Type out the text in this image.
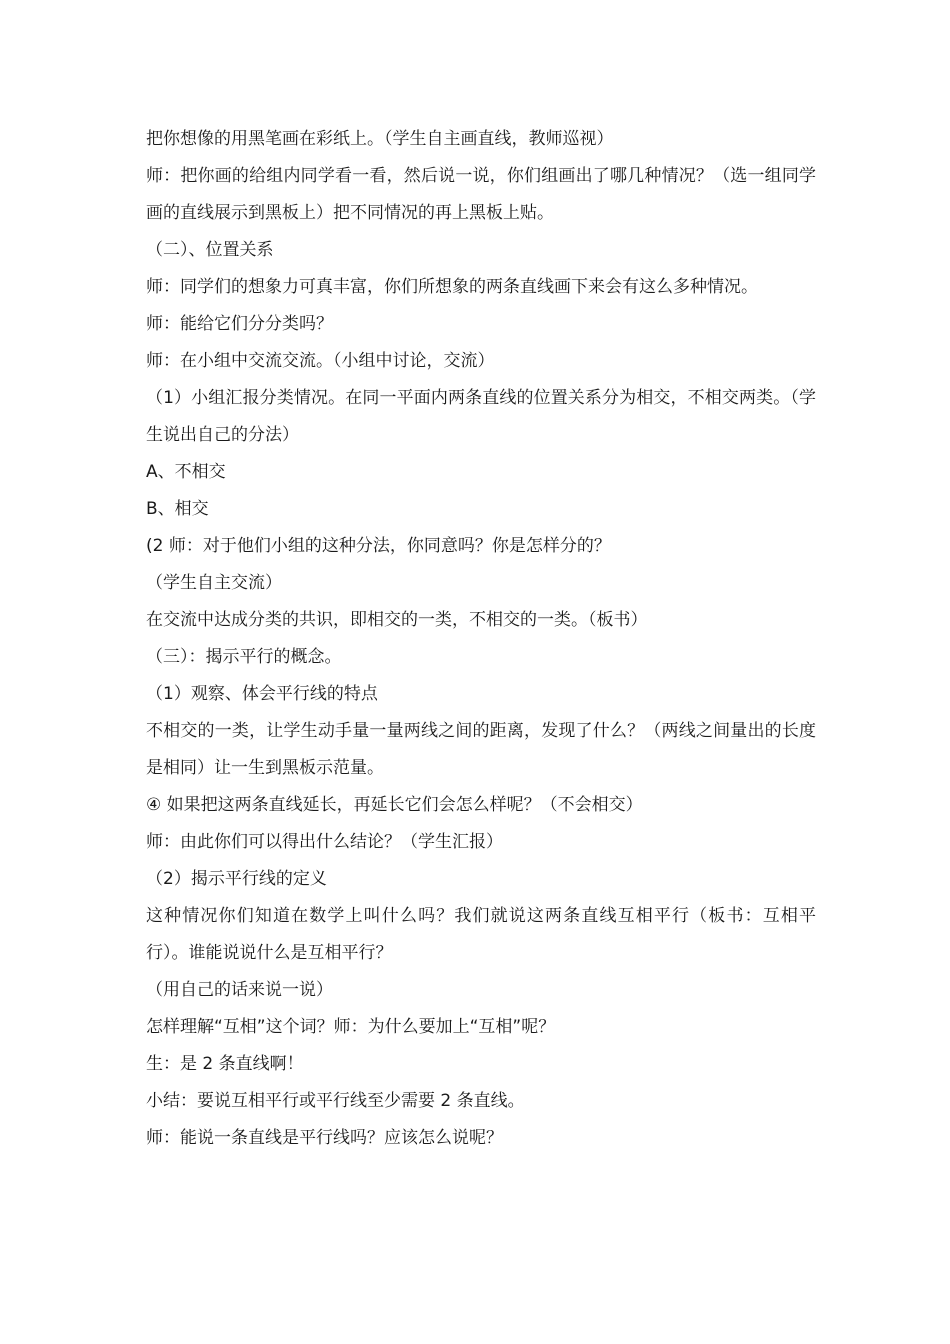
把你想像的用黑笔画在彩纸上。（学生自主画直线，教师巡视）
师：把你画的给组内同学看一看，然后说一说，你们组画出了哪几种情况？（选一组同学画的直线展示到黑板上）把不同情况的再上黑板上贴。
（二）、位置关系
师：同学们的想象力可真丰富，你们所想象的两条直线画下来会有这么多种情况。
师：能给它们分分类吗？
师：在小组中交流交流。（小组中讨论，交流）
（1）小组汇报分类情况。在同一平面内两条直线的位置关系分为相交，不相交两类。（学生说出自己的分法）
A、不相交
B、相交
(2 师：对于他们小组的这种分法，你同意吗？你是怎样分的？
（学生自主交流）
在交流中达成分类的共识，即相交的一类，不相交的一类。（板书）
（三）：揭示平行的概念。
（1）观察、体会平行线的特点
不相交的一类，让学生动手量一量两线之间的距离，发现了什么？（两线之间量出的长度是相同）让一生到黑板示范量。
④ 如果把这两条直线延长，再延长它们会怎么样呢？（不会相交）
师：由此你们可以得出什么结论？（学生汇报）
（2）揭示平行线的定义
这种情况你们知道在数学上叫什么吗？我们就说这两条直线互相平行（板书：互相平行）。谁能说说什么是互相平行？
（用自己的话来说一说）
怎样理解“互相”这个词？师：为什么要加上“互相”呢？
生：是 2 条直线啊！
小结：要说互相平行或平行线至少需要 2 条直线。
师：能说一条直线是平行线吗？应该怎么说呢？
